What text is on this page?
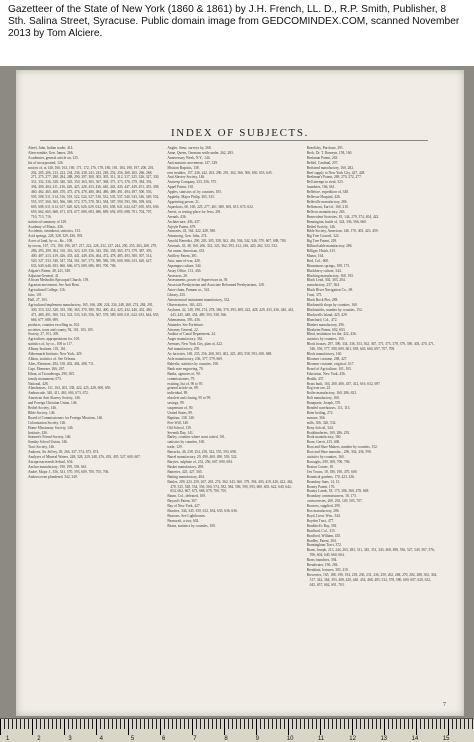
Gazetteer of the State of New York (1860 & 1861) by J.H. French, LL. D., R.P. Smith, Publisher, 8 Sth. Salina Street, Syracuse. Public domain image from GEDCOMINDEX.COM, scanned November 2013 by Tom Alciere.
INDEX OF SUBJECTS.
Abeel, John, Indian trader, 414.
Abercrombie, Gen. James, 266.
Academies, general article on, 125.
list of incorporated, 126.
notices of, at 140, 160, 163, 169, 171, 172, 176, 178, 180, 181, 184, 190, 197, 200, 201, 202, 205, 206, 213, 222, 234, 236, 238, 241, 243, 248, 252, 256, 260, 265, 266, 268, 271, 275, 277, 280, 284, 288, 290, 297, 300, 303, 305, 311, 312, 317, 325, 326, 327, 330, 331, 332, 336, 338, 340, 345, 350, 363, 365, 367, 368, 371, 373, 376, 379, 384, 392, 394, 400, 404, 411, 416, 420, 425, 428, 433, 436, 440, 443, 445, 447, 449, 451, 455, 458, 460, 462, 465, 468, 470, 473, 476, 478, 480, 484, 486, 488, 491, 494, 497, 500, 503, 505, 508, 511, 514, 516, 519, 522, 524, 527, 530, 532, 535, 537, 540, 543, 546, 549, 552, 555, 557, 560, 563, 566, 569, 572, 575, 578, 581, 584, 587, 590, 593, 596, 599, 602, 605, 608, 611, 614, 617, 620, 623, 626, 629, 632, 635, 638, 641, 644, 647, 650, 653, 656, 659, 662, 665, 668, 671, 674, 677, 680, 683, 686, 689, 692, 695, 698, 701, 704, 707, 710, 713, 716.
statistical summary of 128.
Academy of Music, 436.
Accidents, steamboat, statistics, 133.
Acid springs, 228, 328, 329, 436, 593.
Acres of land, by co., &c., 108.
by towns, 167, 172, 180, 196, 207, 217, 222, 226, 232, 237, 244, 250, 255, 263, 268, 279, 286, 293, 299, 304, 310, 316, 323, 329, 336, 343, 350, 358, 365, 373, 379, 387, 393, 400, 407, 413, 419, 426, 433, 441, 449, 456, 464, 472, 478, 485, 493, 500, 507, 514, 520, 527, 533, 540, 547, 554, 561, 567, 573, 580, 586, 593, 600, 606, 613, 620, 627, 633, 640, 646, 653, 660, 666, 673, 680, 686, 693, 700, 706.
Adgate's Patent, 48, 241, 349.
Adjutant-General, 41.
African Methodist Episcopal Church, 139.
Agrarian movement. See Anti Rent.
Agricultural College, 116.
fairs, 101.
Hall, 27, 103.
Agricultural implement manufactory, 165, 166, 200, 224, 234, 248, 260, 274, 284, 291, 300, 310, 322, 328, 335, 350, 365, 370, 380, 392, 400, 412, 425, 432, 440, 452, 460, 471, 480, 491, 500, 512, 522, 533, 545, 556, 567, 578, 589, 600, 611, 622, 633, 644, 655, 666, 677, 688, 699.
products, counties excelling in, 102.
societies, town and county, 92, 101, 103, 105.
Society, 27, 101, 405.
Agriculture, appropriations for, 105.
statistics of, by co., 108 to 117.
Albany Institute, 101, 161.
Abbermarle Institute, New York, 429.
Albion, statistics of. See Orleans.
Altes, Ebenezer, 284, 318, 402, 404, 408, 711.
Capt. Ebenezer, 266, 267.
Ethan, at Ticonderoga, 290, 305.
family monument, 673.
National, 428.
Almshouses, 131, 163, 203, 338, 422, 425, 428, 608, 650.
Ambuscade, 340, 411, 463, 604, 673, 672.
American Anti Slavery Society, 146.
and Foreign Christian Union, 146.
Bethel Society, 146.
Bible Society, 146.
Board of Commissioners for Foreign Missions, 146.
Colonization Society, 146.
Home Missionary Society, 146.
Institute, 436.
Seamen's Friend Society, 146.
Sunday School Union, 146.
Tract Society, 146.
Amherst, Sir Jeffrey, 49, 266, 337, 574, 673, 674.
Analyses of Mineral Waters, 248, 328, 329, 348, 476, 493, 495, 527, 600, 607.
Ancaprosaceseeds Sehool, 654.
Anchor manufactory, 190, 199, 339, 661.
André, Major J., 356, 541, 570, 593, 609, 700, 705, 706.
Androscoven plundered, 342, 349.
Angler, Sieur, surveys by, 268.
Anne, Queen, Germans settle under, 262, 283.
Anniversary Week, N.Y., 144.
Anti masonic movement, 147, 329.
Mission Baptists, 138.
rent troubles, 157, 236, 242, 263, 290, 291, 362, 366, 500, 650, 653, 645.
Anti Slavery Society, 146.
Antwerp Company, 333, 356, 575.
Appel Patent, 165.
Apples, statistics of, by counties, 105.
Appleby, Major Philip, 365, 335.
Appointing power, 21.
Aqueducts, 60, 160, 225, 277, 461, 600, 603, 613, 674, 632.
Arrest, or resting-place for Jews, 291.
Arenals, 436.
Architecture, 436, 437.
Arjeyle Patent, 679.
Armories, 43, 164, 422, 428, 580.
Armstrong, Gen. John, 274.
Arnold, Benedict, 290, 203, 305, 358, 362, 416, 504, 542, 546, 570, 607, 698, 700.
Arsenals, 43, 48, 160, 266, 332, 323, 362, 393, 412, 416, 420, 462, 522, 532.
Art union, American, 433.
Artillery Patent, 381.
Asia, man-of-war, 428.
Asparagus culture, 344.
Assay Office, 113, 436.
Assessors, 28.
Assessments, power of Supervisors in, 39.
Associate Presbyterian and Associate Reformed Presbyterians, 128.
Astor-chain, Putnam co., 541.
Library, 435.
Astronomical instrument manufactory, 332.
Observatories, 163, 423.
Asylums, 42, 149, 198, 274, 278, 366, 370, 393, 408, 422, 428, 429, 433, 436, 440, 441, 443, 445, 448, 454, 489, 503, 538, 566.
Athenaeums, 393, 436.
Attainder. See Forfeiture.
Attorney General, 22.
Auditor of Canal Department, 24.
Auger manufactory, 362.
Avenues, New York City, plan of, 422.
Awl manufactory, 295.
Ax factories, 160, 235, 256, 268, 303, 402, 425, 483, 558, 593, 650, 688.
Axle manufactory, 236, 377, 579, 669.
Baberlis, statistics by counties, 160.
Bank note engraving, 70.
Banks, agencies of, 90.
commissioners, 79.
existing, list of, 90 to 95.
general article on, 89.
individual, 89.
obsolete and closing, 95 to 99.
savings, 99.
suspension of, 90.
United States, 89.
Baptism, 138, 140.
Free Will, 140.
Old School, 139.
Seventh Day, 141.
Barley, counties where most raised, 101.
statistics by counties, 160.
trade, 129.
Barracks, 46, 238, 254, 258, 542, 555, 593, 698.
Barrel manufactory, 29, 490, 469, 490, 539, 522.
Barytes, sulphate of, 252, 256, 607, 690, 694.
Basket manufactory, 269.
Batteries, 425, 427, 565.
Batting manufactory, 404.
Battles, 209, 223, 258, 267, 265, 274, 362, 343, 360, 379, 394, 403, 419, 420, 422, 462, 478, 525, 528, 554, 556, 560, 574, 582, 584, 586, 590, 593, 600, 603, 622, 640, 642, 654, 662, 667, 673, 668, 679, 700, 705.
Baum, Col., defeated, 169.
Bayard's Patent, 367.
Bay of New York, 427.
Beaches, 344, 345, 350, 612, 634, 635, 636, 636.
Beacons. See Lighthouses.
Beancraft, a troy, 602.
Beans, statistics by counties, 100.
Beardsley, Purchase, 291.
Beck, Dr. T. Romeyn, 158, 160.
Beekman Patent, 263.
Beldel, Cardinal, 207.
Bedstead manufactory, 160, 282.
Beef supply to New York City, 427, 428.
Beekman's Patent, 269, 270, 272, 277.
Bell attempt to steal, 323.
foundries, 166, 661.
Bellefore, expedition of, 348.
Bellevue Hospital, 426.
Belleville manufactory, 286.
Bellomont, Earl of, 160, 210.
Bellows manufactory, 263.
Benevolent Societies, 81, 144, 279, 374, 404, 422.
Bennington, battle of, 324, 336, 566, 660.
Bethel Society, 146.
Bible Society, American, 146, 170, 403, 423, 459.
Big Tree Council, 322.
Big Tree Patent, 218.
Billiard table manufactory, 286.
Billiger, Huish, 415.
Manor, 164.
Bird, Col., 600.
Bituminous springs, 108, 173.
Blackberry culture, 344.
Blacking manufactory, 168, 193.
Black Lead, 302, 303, 204.
manufactory, 237, 364.
Black River Navigation Co., 69.
Trust, 375.
Black Rock Pier, 288.
Blacksmith shops by counties, 160.
Blacksmiths, number by counties, 152.
Blackwells Island, 425, 429.
Blanchard, Col., 472.
Blanket manufactory, 296.
Bleakeim Patent, 602, 603.
Blind, institution for the, 422, 436.
statistics by counties, 150.
Block houses, 297, 390, 334, 336, 353, 362, 367, 371, 375, 378, 379, 390, 403, 470, 471, 546, 556, 577, 580, 600, 601, 639, 645, 660, 697, 707, 708.
Block manufactory, 160.
Bloomer costume, 268, 427.
Bloomer costume, origin of, 617.
Board of Agriculture, 101, 105.
Education, New York, 436.
Health, 437.
Boats built, 164, 200, 406, 437, 412, 616, 632, 697.
Bog iron ore, 23.
Boiler manufactory, 160, 286, 652.
Bolt manufactory, 160.
Bonaparte, Joseph, 370.
Bonded warehouses, 111, 113.
Bone boiling, 272.
manure, 366.
mills, 306, 326, 532.
Bony fish oil, 344.
Bookbinderies, 169, 286, 293.
Book manufactory, 160.
Boon, Gerrit, 415, 468.
Boot and Shoe Makers, number by counties, 152.
Boot and Shoe manufac., 296, 302, 436, 590.
statistics by counties, 160.
Boroughs, 290, 308, 700, 706.
Boston Corner, 18.
Ten Towns, 18, 180, 190, 470, 600.
Botanical gardens, 170, 423, 436.
Boundary lines, 14, 15.
Bounty Patent, 176.
Bounty Lands, 18, 175, 286, 360, 478, 668.
Boundary commissioners, 18, 173.
controversies, 260, 263, 149, 503, 707.
Bouvers, supplied, 299.
Box manufactory, 286.
Boyd, Lieut. Wm., 344.
Boyden Tract, 477.
Braddock's Bay, 392.
Bradford, Col., 315.
Bradford, William, 435.
Bradley, Patent, 304.
Brantingham Tract, 372.
Brant, Joseph, 213, 244, 263, 283, 311, 345, 351, 343, 468, 498, 536, 527, 549, 567, 576, 596, 604, 640, 660, 664.
Brass foundries, 394.
Breadwater, 196, 284.
Breakfast, lectures, 303, 210.
Breweries, 165, 188, 190, 194, 218, 230, 231, 236, 250, 262, 268, 270, 282, 288, 302, 304, 317, 342, 364, 393, 408, 420, 440, 454, 468, 485, 532, 578, 580, 600, 607, 620, 632, 645, 657, 662, 691, 703.
7
1	2	3	4	5	6	7	8	9	10	11	12	13	14	15
